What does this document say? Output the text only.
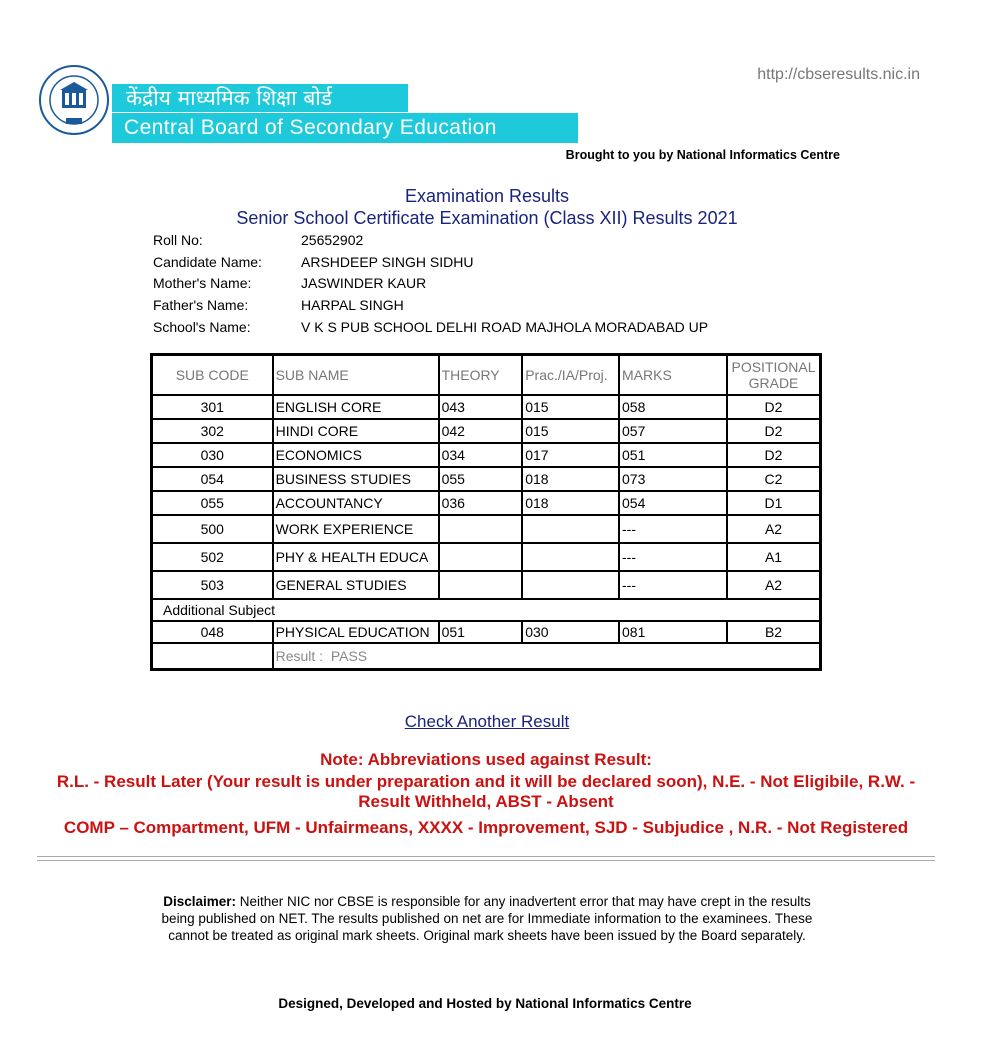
http://cbseresults.nic.in
केंद्रीय माध्यमिक शिक्षा बोर्ड
Central Board of Secondary Education
Brought to you by National Informatics Centre
Examination Results
Senior School Certificate Examination (Class XII) Results 2021
Roll No:	25652902
Candidate Name:	ARSHDEEP SINGH SIDHU
Mother's Name:	JASWINDER KAUR
Father's Name:	HARPAL SINGH
School's Name:	V K S PUB SCHOOL DELHI ROAD MAJHOLA MORADABAD UP
SUB CODE	SUB NAME	THEORY	Prac./IA/Proj.	MARKS	POSITIONAL GRADE
301	ENGLISH CORE	043	015	058	D2
302	HINDI CORE	042	015	057	D2
030	ECONOMICS	034	017	051	D2
054	BUSINESS STUDIES	055	018	073	C2
055	ACCOUNTANCY	036	018	054	D1
500	WORK EXPERIENCE			---	A2
502	PHY & HEALTH EDUCA			---	A1
503	GENERAL STUDIES			---	A2
Additional Subject					
048	PHYSICAL EDUCATION	051	030	081	B2
	Result : PASS				
Check Another Result
Note: Abbreviations used against Result:
R.L. - Result Later (Your result is under preparation and it will be declared soon), N.E. - Not Eligibile, R.W. - Result Withheld, ABST - Absent
COMP – Compartment, UFM - Unfairmeans, XXXX - Improvement, SJD - Subjudice , N.R. - Not Registered
Disclaimer: Neither NIC nor CBSE is responsible for any inadvertent error that may have crept in the results being published on NET. The results published on net are for Immediate information to the examinees. These cannot be treated as original mark sheets. Original mark sheets have been issued by the Board separately.
Designed, Developed and Hosted by National Informatics Centre
